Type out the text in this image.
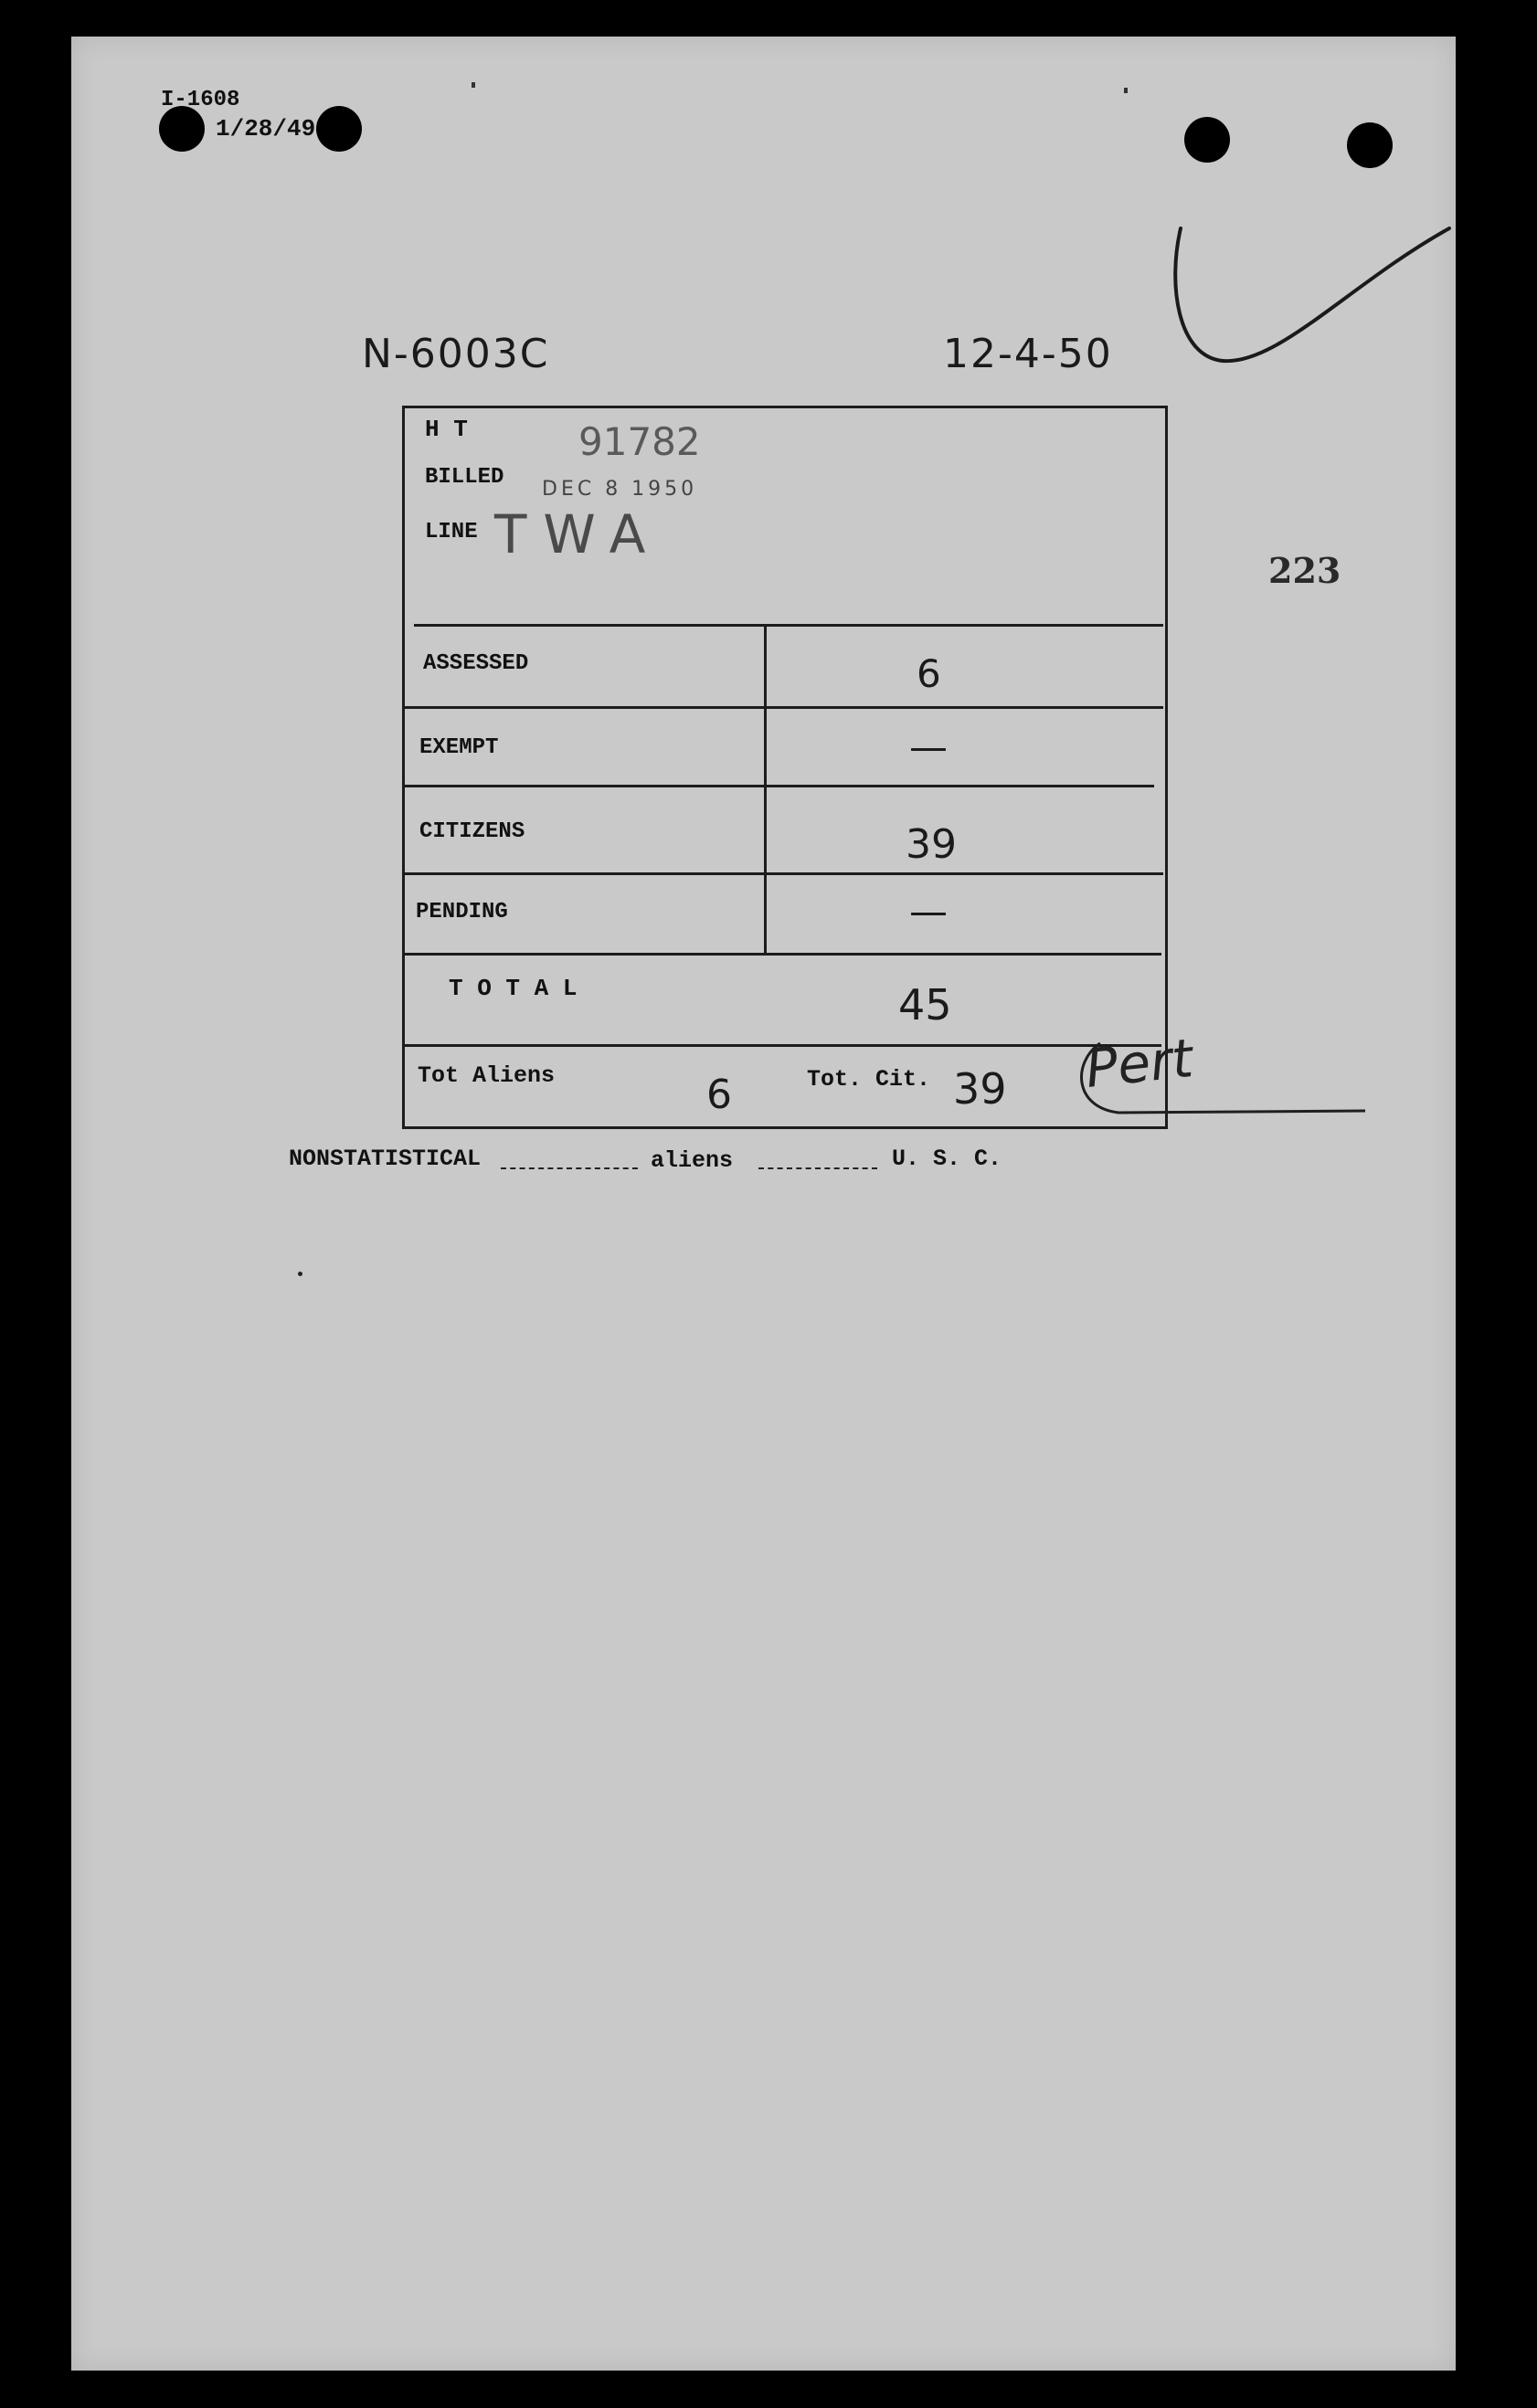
I-1608
1/28/49
N-6003C	12-4-50
223
H T	91782
BILLED DEC 8 1950
LINE TWA
ASSESSED	6
EXEMPT	—
CITIZENS	39
PENDING	—
T O T A L	45
Tot Aliens	6	Tot. Cit. 39 Pert
NONSTATISTICAL	aliens	U. S. C.
